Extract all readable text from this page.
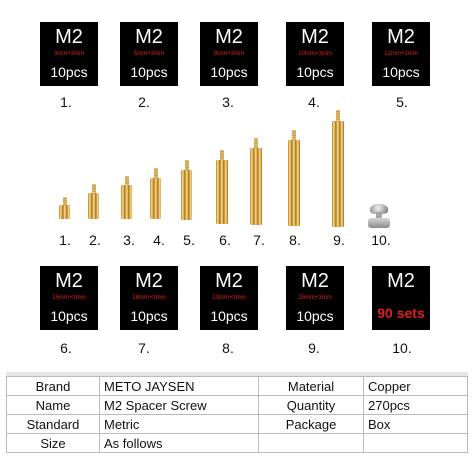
M2
3mm+3mm
10pcs
M2
5mm+3mm
10pcs
M2
8mm+3mm
10pcs
M2
10mm+3mm
10pcs
M2
12mm+3mm
10pcs
1.	2.	3.	4.	5.
1.	2.	3.	4.	5.	6.	7.	8.	9.	10.
M2
15mm+3mm
10pcs
M2
18mm+3mm
10pcs
M2
20mm+3mm
10pcs
M2
25mm+3mm
10pcs
M2
90 sets
6.	7.	8.	9.	10.
Brand	METO JAYSEN	Material	Copper
Name	M2 Spacer Screw	Quantity	270pcs
Standard	Metric	Package	Box
Size	As follows		
